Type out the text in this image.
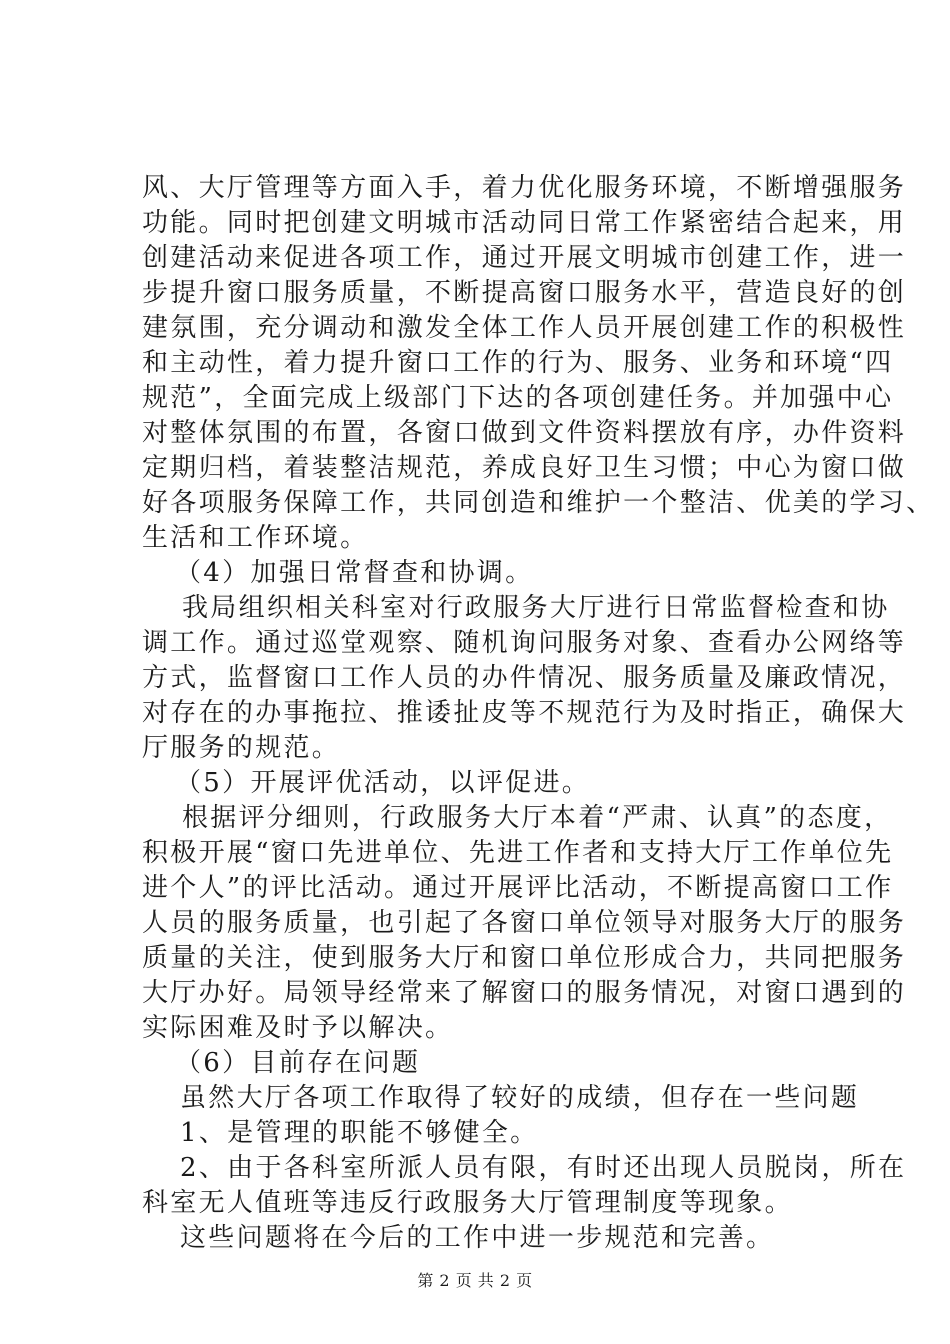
风、大厅管理等方面入手，着力优化服务环境，不断增强服务
功能。同时把创建文明城市活动同日常工作紧密结合起来，用
创建活动来促进各项工作，通过开展文明城市创建工作，进一
步提升窗口服务质量，不断提高窗口服务水平，营造良好的创
建氛围，充分调动和激发全体工作人员开展创建工作的积极性
和主动性，着力提升窗口工作的行为、服务、业务和环境“四
规范”，全面完成上级部门下达的各项创建任务。并加强中心
对整体氛围的布置，各窗口做到文件资料摆放有序，办件资料
定期归档，着装整洁规范，养成良好卫生习惯；中心为窗口做
好各项服务保障工作，共同创造和维护一个整洁、优美的学习、
生活和工作环境。
（4）加强日常督查和协调。
我局组织相关科室对行政服务大厅进行日常监督检查和协
调工作。通过巡堂观察、随机询问服务对象、查看办公网络等
方式，监督窗口工作人员的办件情况、服务质量及廉政情况，
对存在的办事拖拉、推诿扯皮等不规范行为及时指正，确保大
厅服务的规范。
（5）开展评优活动，以评促进。
根据评分细则，行政服务大厅本着“严肃、认真”的态度，
积极开展“窗口先进单位、先进工作者和支持大厅工作单位先
进个人”的评比活动。通过开展评比活动，不断提高窗口工作
人员的服务质量，也引起了各窗口单位领导对服务大厅的服务
质量的关注，使到服务大厅和窗口单位形成合力，共同把服务
大厅办好。局领导经常来了解窗口的服务情况，对窗口遇到的
实际困难及时予以解决。
（6）目前存在问题
虽然大厅各项工作取得了较好的成绩，但存在一些问题
1、是管理的职能不够健全。
2、由于各科室所派人员有限，有时还出现人员脱岗，所在
科室无人值班等违反行政服务大厅管理制度等现象。
这些问题将在今后的工作中进一步规范和完善。
第 2 页 共 2 页
